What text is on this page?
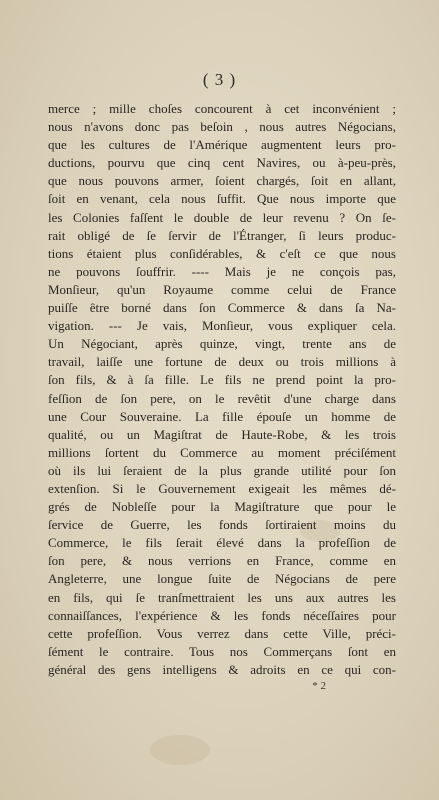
( 3 )
merce ; mille choſes concourent à cet inconvénient ;
nous n'avons donc pas beſoin , nous autres Négocians,
que les cultures de l'Amérique augmentent leurs pro-
ductions, pourvu que cinq cent Navires, ou à-peu-près,
que nous pouvons armer, ſoient chargés, ſoit en allant,
ſoit en venant, cela nous ſuffit. Que nous importe que
les Colonies faſſent le double de leur revenu ? On ſe-
rait obligé de ſe ſervir de l'Étranger, ſi leurs produc-
tions étaient plus conſidérables, & c'eſt ce que nous
ne pouvons ſouffrir. ---- Mais je ne conçois pas,
Monſieur, qu'un Royaume comme celui de France
puiſſe être borné dans ſon Commerce & dans ſa Na-
vigation. --- Je vais, Monſieur, vous expliquer cela.
Un Négociant, après quinze, vingt, trente ans de
travail, laiſſe une fortune de deux ou trois millions à
ſon fils, & à ſa fille. Le fils ne prend point la pro-
feſſion de ſon pere, on le revêtit d'une charge dans
une Cour Souveraine. La fille épouſe un homme de
qualité, ou un Magiſtrat de Haute-Robe, & les trois
millions ſortent du Commerce au moment préciſément
où ils lui ſeraient de la plus grande utilité pour ſon
extenſion. Si le Gouvernement exigeait les mêmes dé-
grés de Nobleſſe pour la Magiſtrature que pour le
ſervice de Guerre, les fonds ſortiraient moins du
Commerce, le fils ſerait élevé dans la profeſſion de
ſon pere, & nous verrions en France, comme en
Angleterre, une longue ſuite de Négocians de pere
en fils, qui ſe tranſmettraient les uns aux autres les
connaiſſances, l'expérience & les fonds néceſſaires pour
cette profeſſion. Vous verrez dans cette Ville, préci-
ſément le contraire. Tous nos Commerçans ſont en
général des gens intelligens & adroits en ce qui con-
* 2
